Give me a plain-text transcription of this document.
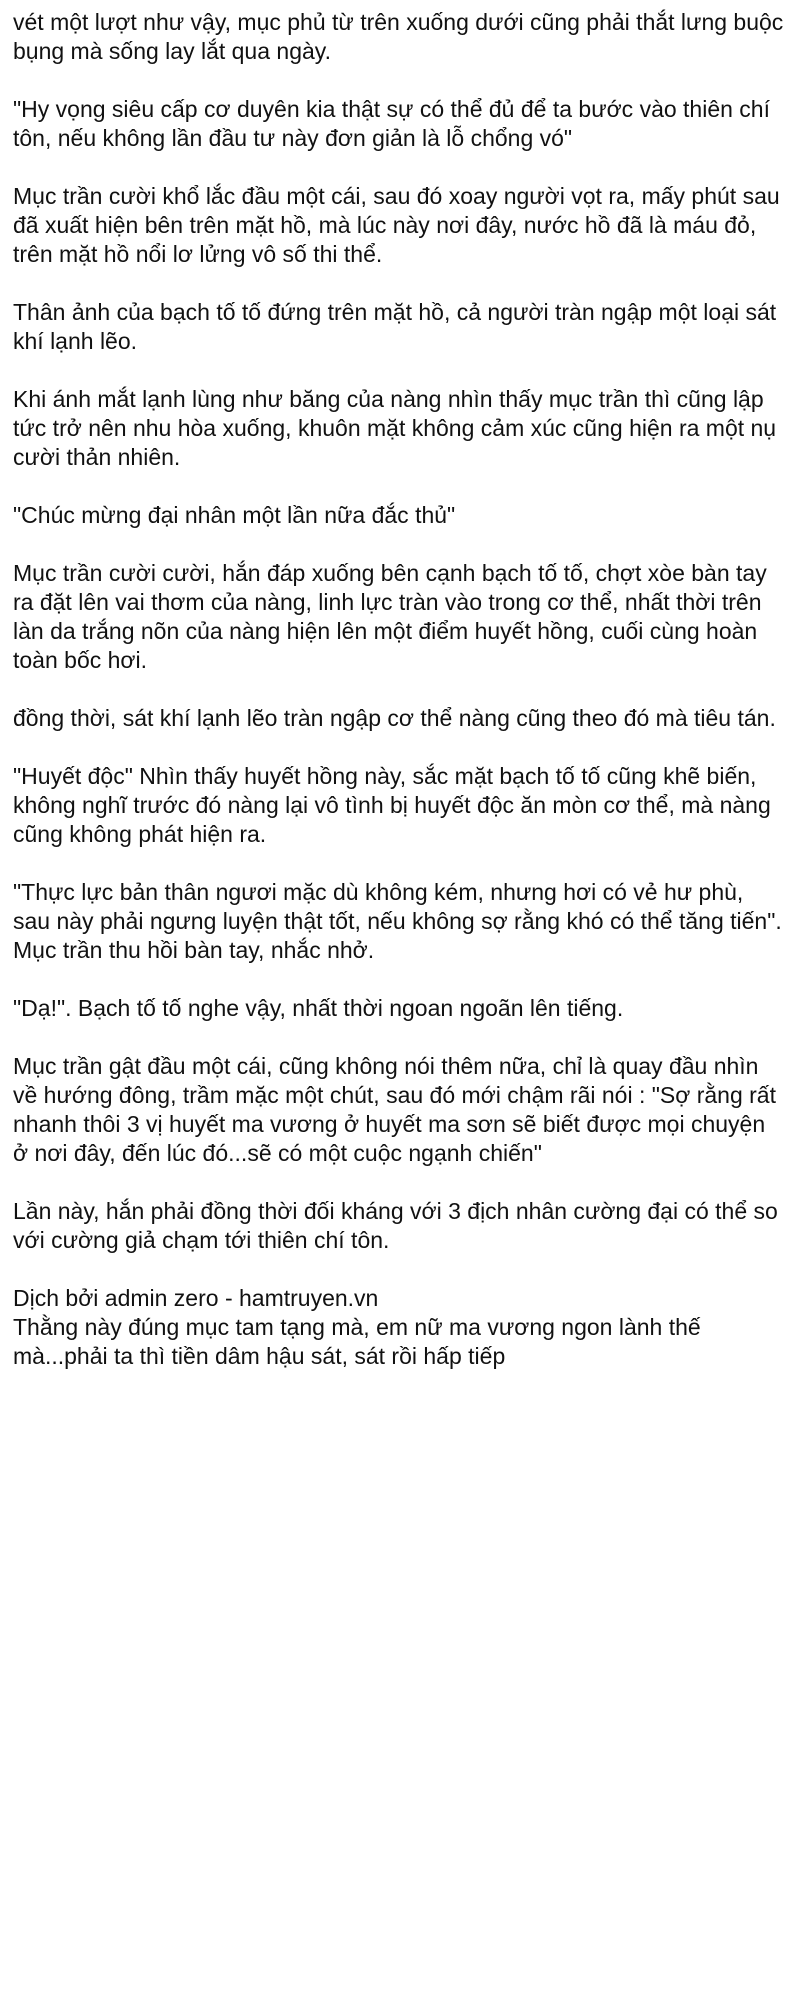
vét một lượt như vậy, mục phủ từ trên xuống dưới cũng phải thắt lưng buộc bụng mà sống lay lắt qua ngày.

"Hy vọng siêu cấp cơ duyên kia thật sự có thể đủ để ta bước vào thiên chí tôn, nếu không lần đầu tư này đơn giản là lỗ chổng vó"

Mục trần cười khổ lắc đầu một cái, sau đó xoay người vọt ra, mấy phút sau đã xuất hiện bên trên mặt hồ, mà lúc này nơi đây, nước hồ đã là máu đỏ, trên mặt hồ nổi lơ lửng vô số thi thể.

Thân ảnh của bạch tố tố đứng trên mặt hồ, cả người tràn ngập một loại sát khí lạnh lẽo.

Khi ánh mắt lạnh lùng như băng của nàng nhìn thấy mục trần thì cũng lập tức trở nên nhu hòa xuống, khuôn mặt không cảm xúc cũng hiện ra một nụ cười thản nhiên.

"Chúc mừng đại nhân một lần nữa đắc thủ"

Mục trần cười cười, hắn đáp xuống bên cạnh bạch tố tố, chợt xòe bàn tay ra đặt lên vai thơm của nàng, linh lực tràn vào trong cơ thể, nhất thời trên làn da trắng nõn của nàng hiện lên một điểm huyết hồng, cuối cùng hoàn toàn bốc hơi.

đồng thời, sát khí lạnh lẽo tràn ngập cơ thể nàng cũng theo đó mà tiêu tán.

"Huyết độc" Nhìn thấy huyết hồng này, sắc mặt bạch tố tố cũng khẽ biến, không nghĩ trước đó nàng lại vô tình bị huyết độc ăn mòn cơ thể, mà nàng cũng không phát hiện ra.

"Thực lực bản thân ngươi mặc dù không kém, nhưng hơi có vẻ hư phù, sau này phải ngưng luyện thật tốt, nếu không sợ rằng khó có thể tăng tiến". Mục trần thu hồi bàn tay, nhắc nhở.

"Dạ!". Bạch tố tố nghe vậy, nhất thời ngoan ngoãn lên tiếng.

Mục trần gật đầu một cái, cũng không nói thêm nữa, chỉ là quay đầu nhìn về hướng đông, trầm mặc một chút, sau đó mới chậm rãi nói : "Sợ rằng rất nhanh thôi 3 vị huyết ma vương ở huyết ma sơn sẽ biết được mọi chuyện ở nơi đây, đến lúc đó...sẽ có một cuộc ngạnh chiến"

Lần này, hắn phải đồng thời đối kháng với 3 địch nhân cường đại có thể so với cường giả chạm tới thiên chí tôn.

Dịch bởi admin zero - hamtruyen.vn
Thằng này đúng mục tam tạng mà, em nữ ma vương ngon lành thế mà...phải ta thì tiền dâm hậu sát, sát rồi hấp tiếp
